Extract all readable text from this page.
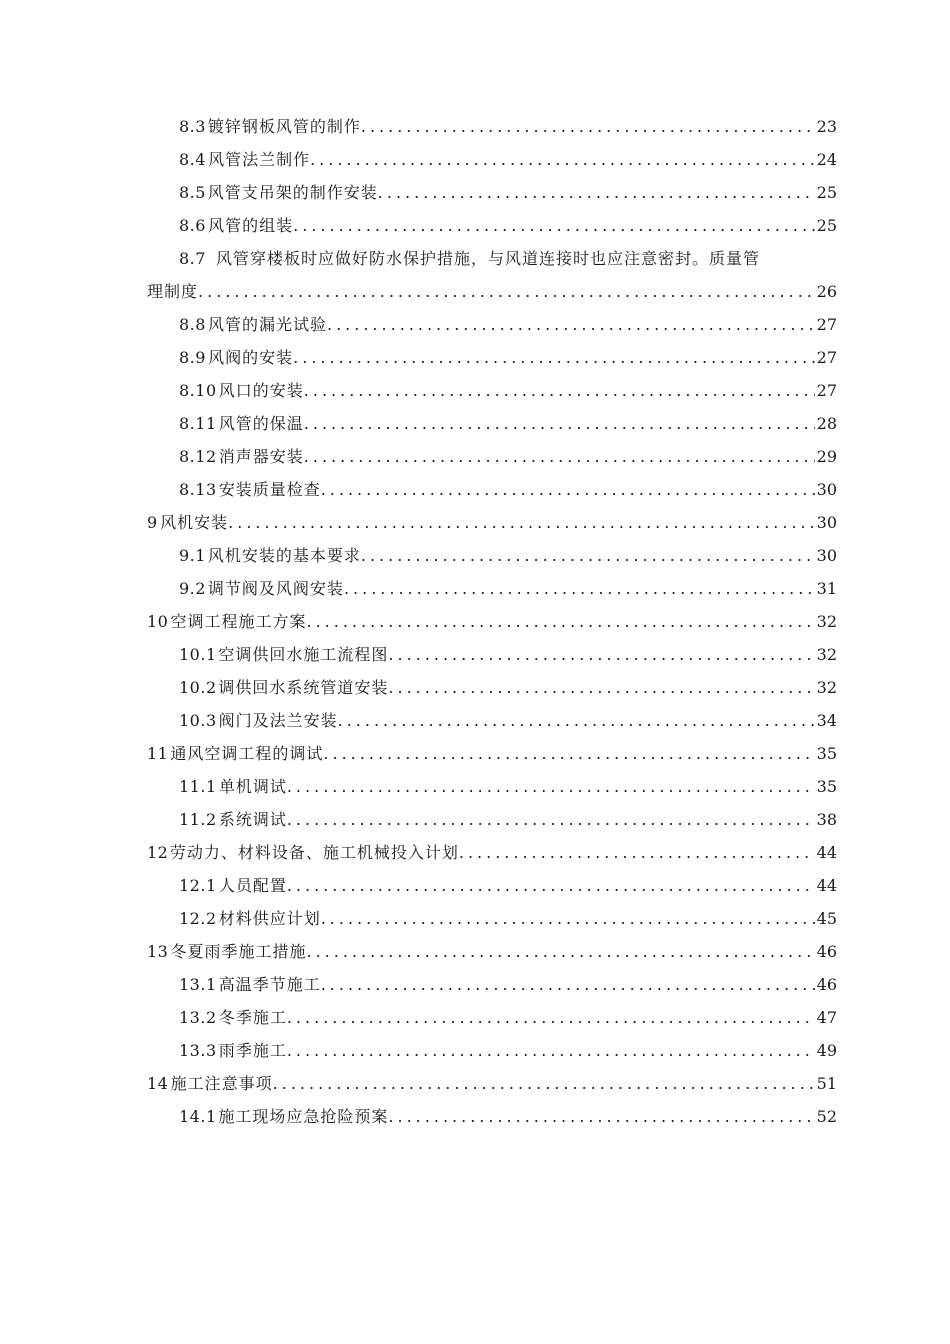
8.3 镀锌钢板风管的制作 .....	23
8.4 风管法兰制作 .....	24
8.5 风管支吊架的制作安装 .....	25
8.6 风管的组装 .....	25
8.7 风管穿楼板时应做好防水保护措施，与风道连接时也应注意密封。质量管
理制度 .....	26
8.8 风管的漏光试验 .....	27
8.9 风阀的安装 .....	27
8.10 风口的安装 .....	27
8.11 风管的保温 .....	28
8.12 消声器安装 .....	29
8.13 安装质量检查 .....	30
9 风机安装 .....	30
9.1 风机安装的基本要求 .....	30
9.2 调节阀及风阀安装 .....	31
10 空调工程施工方案 .....	32
10.1 空调供回水施工流程图 .....	32
10.2 调供回水系统管道安装 .....	32
10.3 阀门及法兰安装 .....	34
11 通风空调工程的调试 .....	35
11.1 单机调试 .....	35
11.2 系统调试 .....	38
12 劳动力、材料设备、施工机械投入计划 .....	44
12.1 人员配置 .....	44
12.2 材料供应计划 .....	45
13 冬夏雨季施工措施 .....	46
13.1 高温季节施工 .....	46
13.2 冬季施工 .....	47
13.3 雨季施工 .....	49
14 施工注意事项 .....	51
14.1 施工现场应急抢险预案 .....	52
